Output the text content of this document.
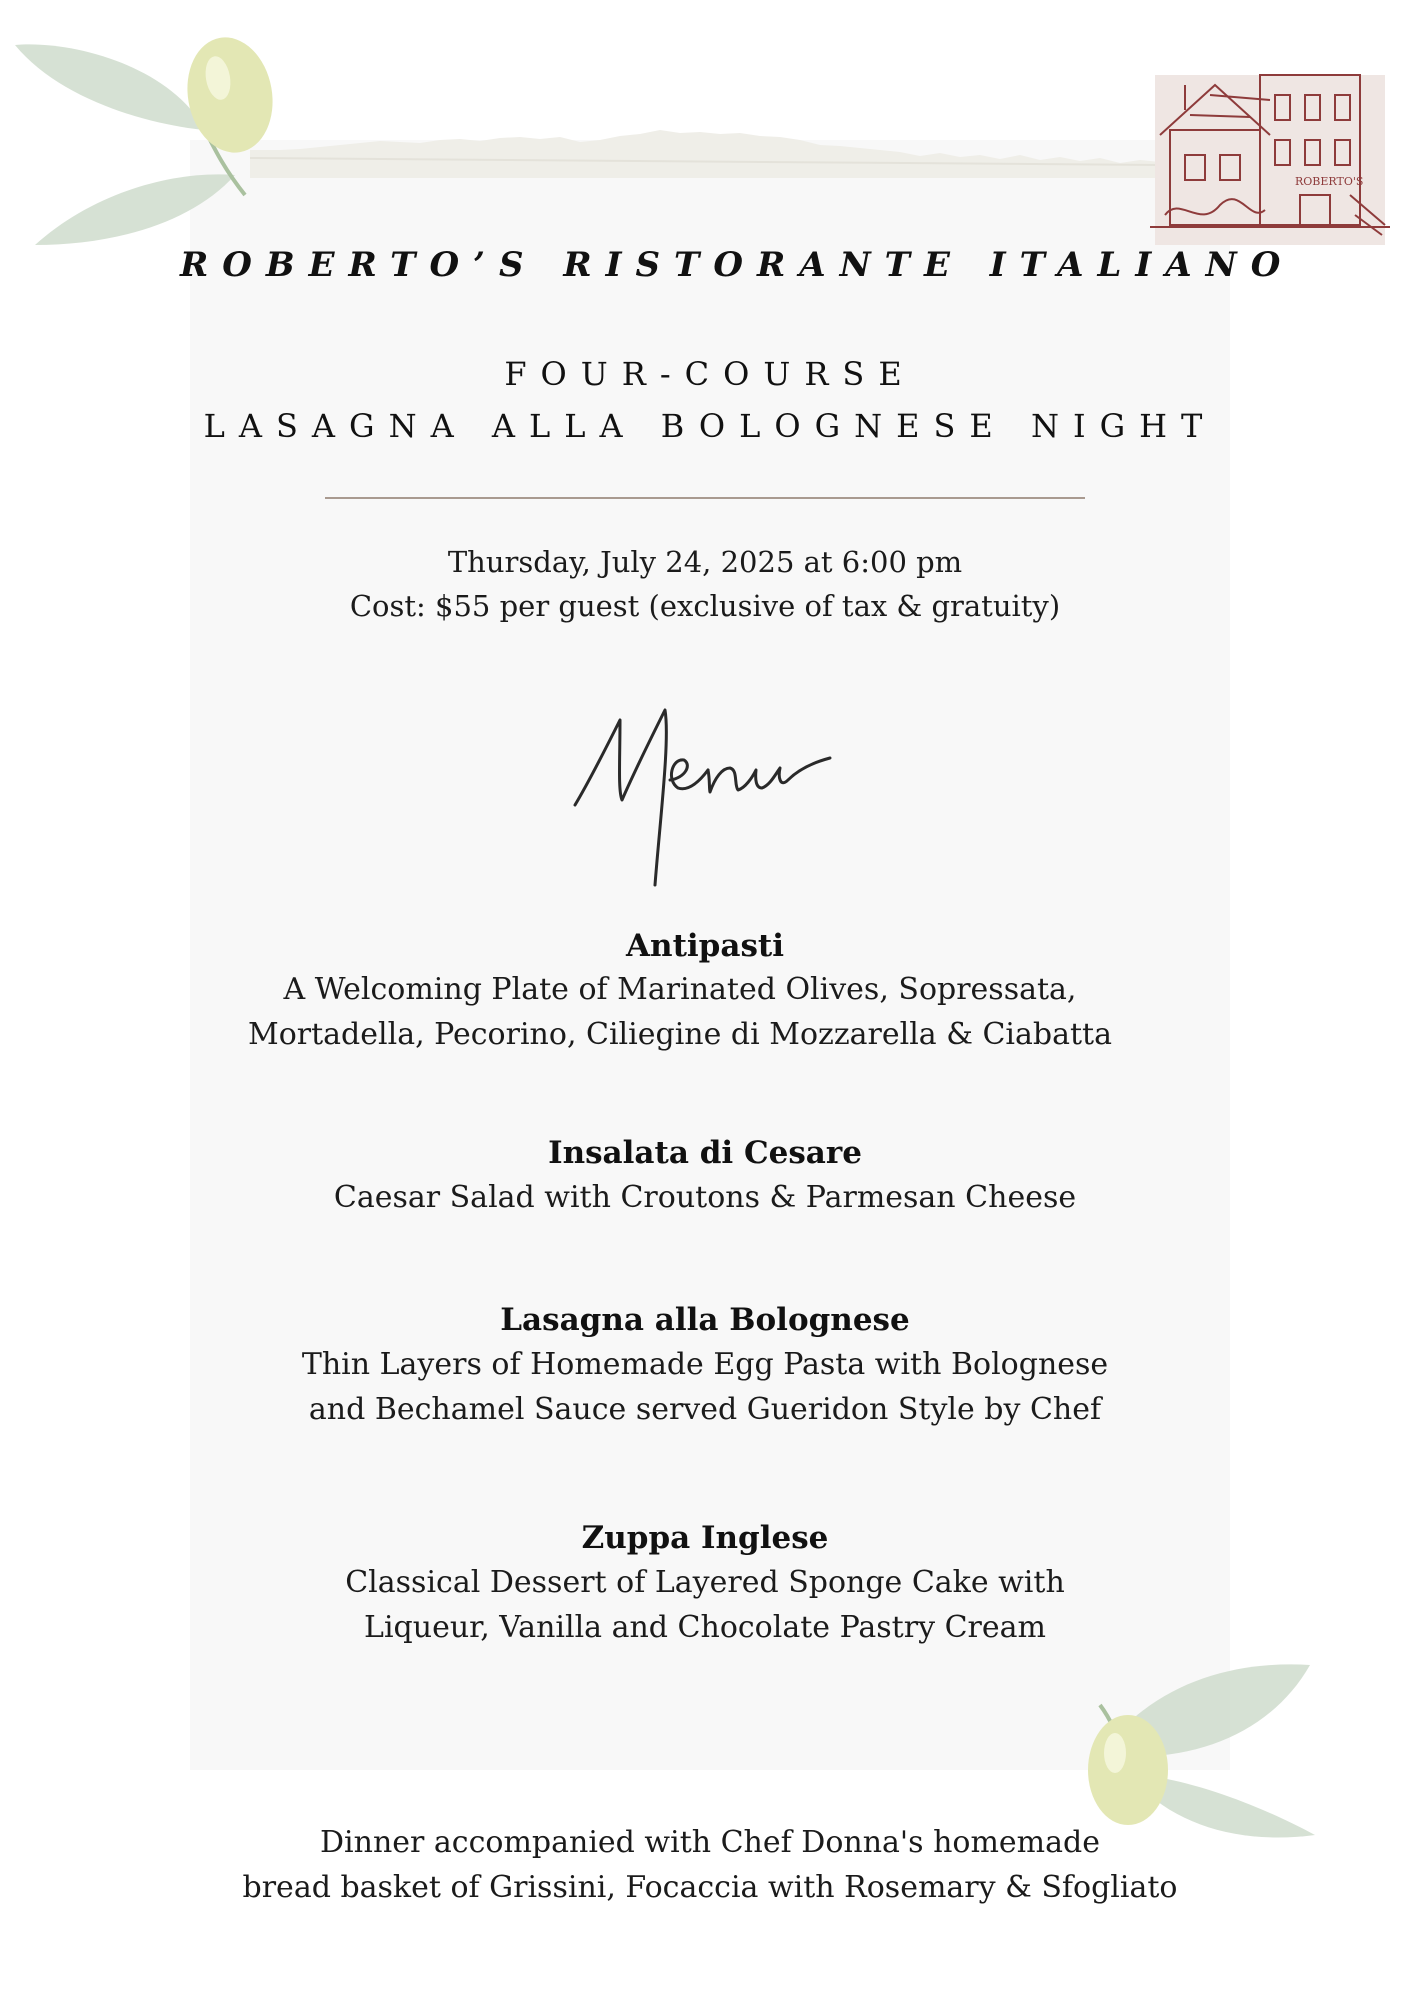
ROBERTO'S
ROBERTO’S RISTORANTE ITALIANO
FOUR-COURSE
LASAGNA ALLA BOLOGNESE NIGHT
Thursday, July 24, 2025 at 6:00 pm
Cost: $55 per guest (exclusive of tax & gratuity)
Antipasti
A Welcoming Plate of Marinated Olives, Sopressata,
Mortadella, Pecorino, Ciliegine di Mozzarella & Ciabatta
Insalata di Cesare
Caesar Salad with Croutons & Parmesan Cheese
Lasagna alla Bolognese
Thin Layers of Homemade Egg Pasta with Bolognese
and Bechamel Sauce served Gueridon Style by Chef
Zuppa Inglese
Classical Dessert of Layered Sponge Cake with
Liqueur, Vanilla and Chocolate Pastry Cream
Dinner accompanied with Chef Donna's homemade
bread basket of Grissini, Focaccia with Rosemary & Sfogliato
